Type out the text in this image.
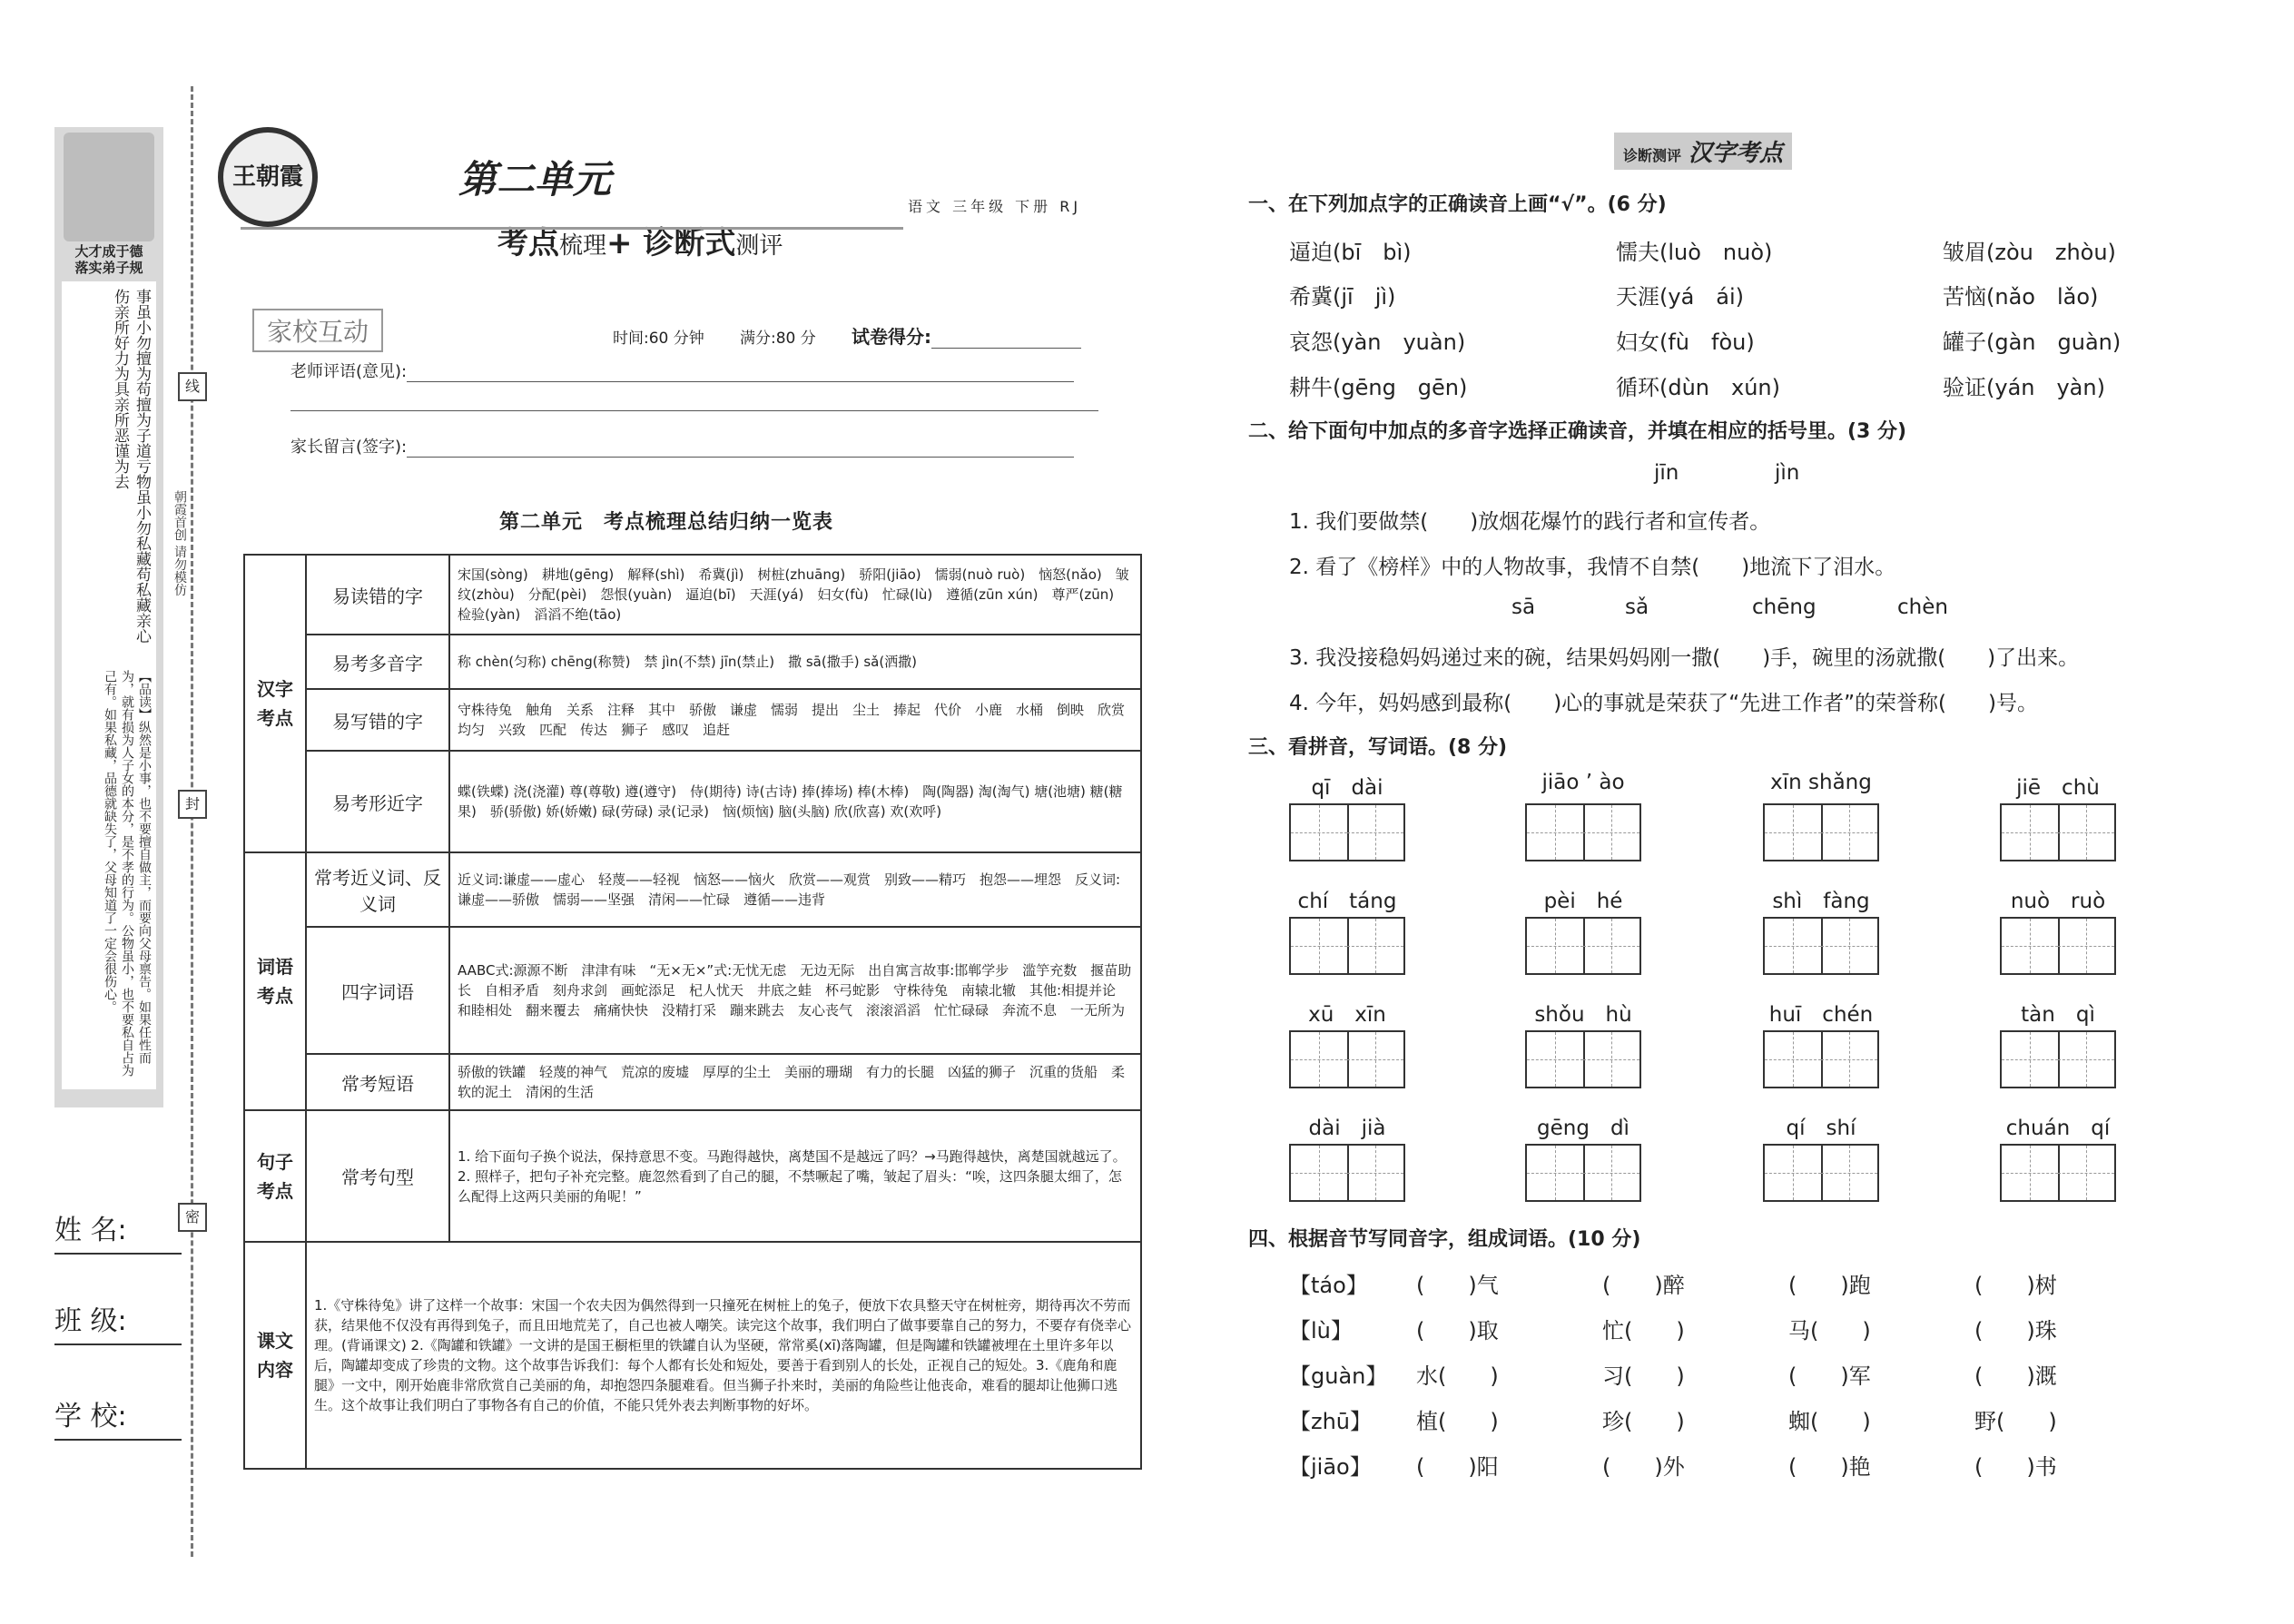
大才成于德
落实弟子规
事虽小勿擅为苟擅为子道亏物虽小勿私藏苟私藏亲心伤亲所好力为具亲所恶谨为去
【品读】纵然是小事，也不要擅自做主，而要向父母禀告。如果任性而为，就有损为人子女的本分，是不孝的行为。公物虽小，也不要私自占为己有。如果私藏，品德就缺失了，父母知道了一定会很伤心。
线
封
密
朝霞首创 请勿模仿
姓 名:
班 级:
学 校:
王朝霞	第二单元
考点梳理+ 诊断式测评
语文 三年级 下册 RJ
家校互动	时间:60 分钟 满分:80 分 试卷得分:
老师评语(意见):
家长留言(签字):
第二单元　考点梳理总结归纳一览表
汉字考点	易读错的字	宋国(sòng)　耕地(gēng)　解释(shì)　希冀(jì)　树桩(zhuāng)　骄阳(jiāo)　懦弱(nuò ruò)　恼怒(nǎo)　皱纹(zhòu)　分配(pèi)　怨恨(yuàn)　逼迫(bī)　天涯(yá)　妇女(fù)　忙碌(lù)　遵循(zūn xún)　尊严(zūn)　检验(yàn)　滔滔不绝(tāo)
	易考多音字	称 chèn(匀称) chēng(称赞)　禁 jìn(不禁) jīn(禁止)　撒 sā(撒手) sǎ(洒撒)
	易写错的字	守株待兔　触角　关系　注释　其中　骄傲　谦虚　懦弱　提出　尘土　捧起　代价　小鹿　水桶　倒映　欣赏　均匀　兴致　匹配　传达　狮子　感叹　追赶
	易考形近字	蝶(铁蝶) 浇(浇灌) 尊(尊敬) 遵(遵守)　侍(期待) 诗(古诗) 捧(捧场) 棒(木棒)　陶(陶器) 淘(淘气) 塘(池塘) 糖(糖果)　骄(骄傲) 娇(娇嫩) 碌(劳碌) 录(记录)　恼(烦恼) 脑(头脑) 欣(欣喜) 欢(欢呼)
词语考点	常考近义词、反义词	近义词:谦虚——虚心　轻蔑——轻视　恼怒——恼火　欣赏——观赏　别致——精巧　抱怨——埋怨　反义词:谦虚——骄傲　懦弱——坚强　清闲——忙碌　遵循——违背
	四字词语	AABC式:源源不断　津津有味　“无×无×”式:无忧无虑　无边无际　出自寓言故事:邯郸学步　滥竽充数　揠苗助长　自相矛盾　刻舟求剑　画蛇添足　杞人忧天　井底之蛙　杯弓蛇影　守株待兔　南辕北辙　其他:相提并论　和睦相处　翻来覆去　痛痛快快　没精打采　蹦来跳去　友心丧气　滚滚滔滔　忙忙碌碌　奔流不息　一无所为
	常考短语	骄傲的铁罐　轻蔑的神气　荒凉的废墟　厚厚的尘土　美丽的珊瑚　有力的长腿　凶猛的狮子　沉重的货船　柔软的泥土　清闲的生活
句子考点	常考句型	1. 给下面句子换个说法，保持意思不变。马跑得越快，离楚国不是越远了吗？→马跑得越快，离楚国就越远了。2. 照样子，把句子补充完整。鹿忽然看到了自己的腿，不禁噘起了嘴，皱起了眉头：“唉，这四条腿太细了，怎么配得上这两只美丽的角呢！”
课文内容	1.《守株待兔》讲了这样一个故事：宋国一个农夫因为偶然得到一只撞死在树桩上的兔子，便放下农具整天守在树桩旁，期待再次不劳而获，结果他不仅没有再得到兔子，而且田地荒芜了，自己也被人嘲笑。读完这个故事，我们明白了做事要靠自己的努力，不要存有侥幸心理。(背诵课文) 2.《陶罐和铁罐》一文讲的是国王橱柜里的铁罐自认为坚硬，常常奚(xī)落陶罐，但是陶罐和铁罐被埋在土里许多年以后，陶罐却变成了珍贵的文物。这个故事告诉我们：每个人都有长处和短处，要善于看到别人的长处，正视自己的短处。3.《鹿角和鹿腿》一文中，刚开始鹿非常欣赏自己美丽的角，却抱怨四条腿难看。但当狮子扑来时，美丽的角险些让他丧命，难看的腿却让他狮口逃生。这个故事让我们明白了事物各有自己的价值，不能只凭外表去判断事物的好坏。	
诊断测评 汉字考点
一、在下列加点字的正确读音上画“√”。(6 分)
逼迫(bī　bì)	懦夫(luò　nuò)	皱眉(zòu　zhòu)
希冀(jī　jì)	天涯(yá　ái)	苦恼(nǎo　lǎo)
哀怨(yàn　yuàn)	妇女(fù　fòu)	罐子(gàn　guàn)
耕牛(gēng　gēn)	循环(dùn　xún)	验证(yán　yàn)
二、给下面句中加点的多音字选择正确读音，并填在相应的括号里。(3 分)
jīn	jìn
1. 我们要做禁(　　)放烟花爆竹的践行者和宣传者。
2. 看了《榜样》中的人物故事，我情不自禁(　　)地流下了泪水。
sā	sǎ	chēng	chèn
3. 我没接稳妈妈递过来的碗，结果妈妈刚一撒(　　)手，碗里的汤就撒(　　)了出来。
4. 今年，妈妈感到最称(　　)心的事就是荣获了“先进工作者”的荣誉称(　　)号。
三、看拼音，写词语。(8 分)
qī　dài	jiāo ’ ào	xīn shǎng	jiē　chù
chí　táng	pèi　hé	shì　fàng	nuò　ruò
xū　xīn	shǒu　hù	huī　chén	tàn　qì
dài　jià	gēng　dì	qí　shí	chuán　qí
四、根据音节写同音字，组成词语。(10 分)
【táo】 (　　)气	(　　)醉	(　　)跑	(　　)树
【lù】	(　　)取	忙(　　)	马(　　)	(　　)珠
【guàn】 水(　　)	习(　　)	(　　)军	(　　)溉
【zhū】 植(　　)	珍(　　)	蜘(　　)	野(　　)
【jiāo】 (　　)阳	(　　)外	(　　)艳	(　　)书
